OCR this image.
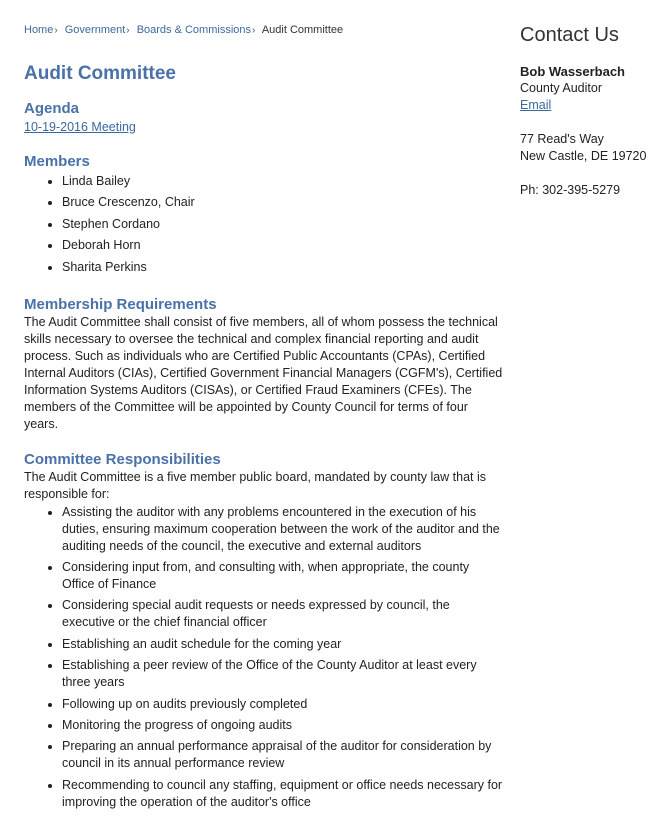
Home› Government› Boards & Commissions› Audit Committee
Audit Committee
Agenda
10-19-2016 Meeting
Members
• Linda Bailey
• Bruce Crescenzo, Chair
• Stephen Cordano
• Deborah Horn
• Sharita Perkins
Membership Requirements

The Audit Committee shall consist of five members, all of whom possess the technical skills necessary to oversee the technical and complex financial reporting and audit process. Such as individuals who are Certified Public Accountants (CPAs), Certified Internal Auditors (CIAs), Certified Government Financial Managers (CGFM's), Certified Information Systems Auditors (CISAs), or Certified Fraud Examiners (CFEs). The members of the Committee will be appointed by County Council for terms of four years.

Committee Responsibilities

The Audit Committee is a five member public board, mandated by county law that is responsible for:

• Assisting the auditor with any problems encountered in the execution of his duties, ensuring maximum cooperation between the work of the auditor and the auditing needs of the council, the executive and external auditors
• Considering input from, and consulting with, when appropriate, the county Office of Finance
• Considering special audit requests or needs expressed by council, the executive or the chief financial officer
• Establishing an audit schedule for the coming year
• Establishing a peer review of the Office of the County Auditor at least every three years
• Following up on audits previously completed
• Monitoring the progress of ongoing audits
• Preparing an annual performance appraisal of the auditor for consideration by council in its annual performance review
• Recommending to council any staffing, equipment or office needs necessary for improving the operation of the auditor's office
Contact Us
Bob Wasserbach
County Auditor
Email
77 Read's Way
New Castle, DE 19720
Ph: 302-395-5279
